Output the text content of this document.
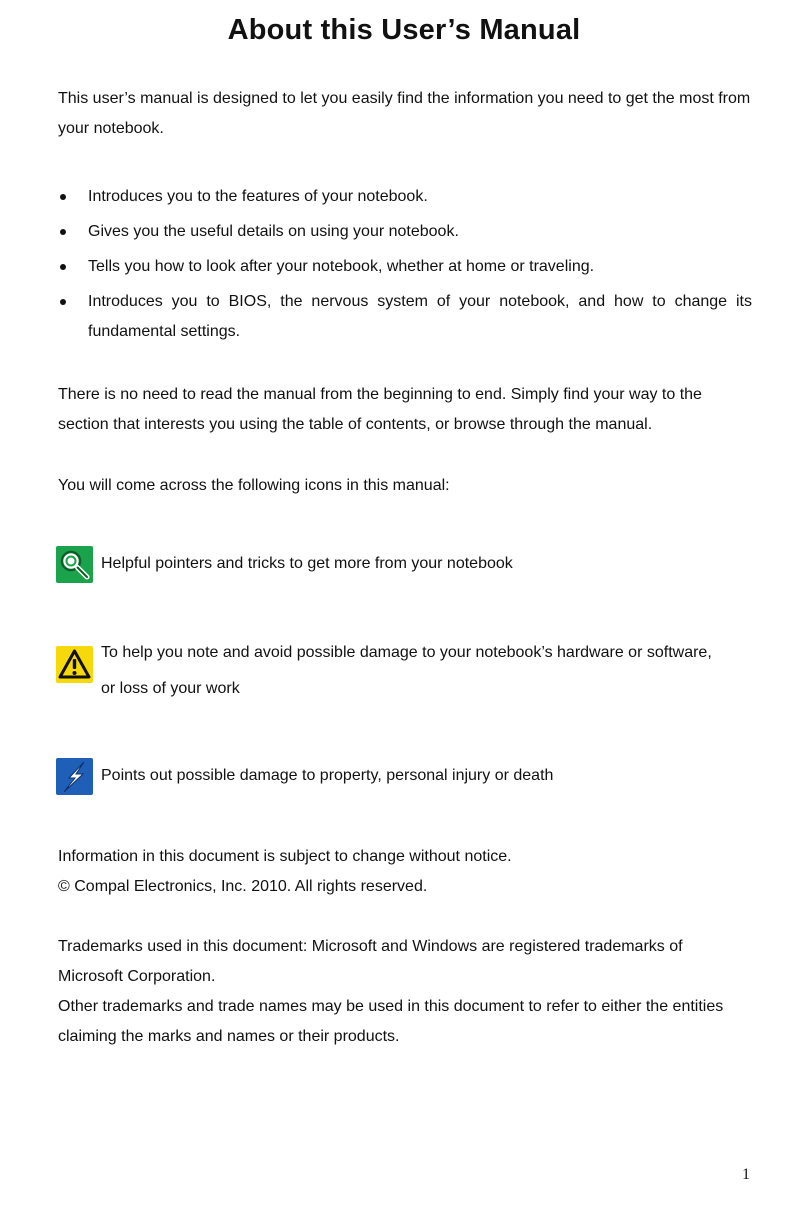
About this User’s Manual
This user’s manual is designed to let you easily find the information you need to get the most from your notebook.
Introduces you to the features of your notebook.
Gives you the useful details on using your notebook.
Tells you how to look after your notebook, whether at home or traveling.
Introduces you to BIOS, the nervous system of your notebook, and how to change its fundamental settings.
There is no need to read the manual from the beginning to end. Simply find your way to the section that interests you using the table of contents, or browse through the manual.
You will come across the following icons in this manual:
Helpful pointers and tricks to get more from your notebook
To help you note and avoid possible damage to your notebook’s hardware or software,
or loss of your work
Points out possible damage to property, personal injury or death
Information in this document is subject to change without notice.
© Compal Electronics, Inc. 2010. All rights reserved.
Trademarks used in this document: Microsoft and Windows are registered trademarks of Microsoft Corporation.
Other trademarks and trade names may be used in this document to refer to either the entities claiming the marks and names or their products.
1
